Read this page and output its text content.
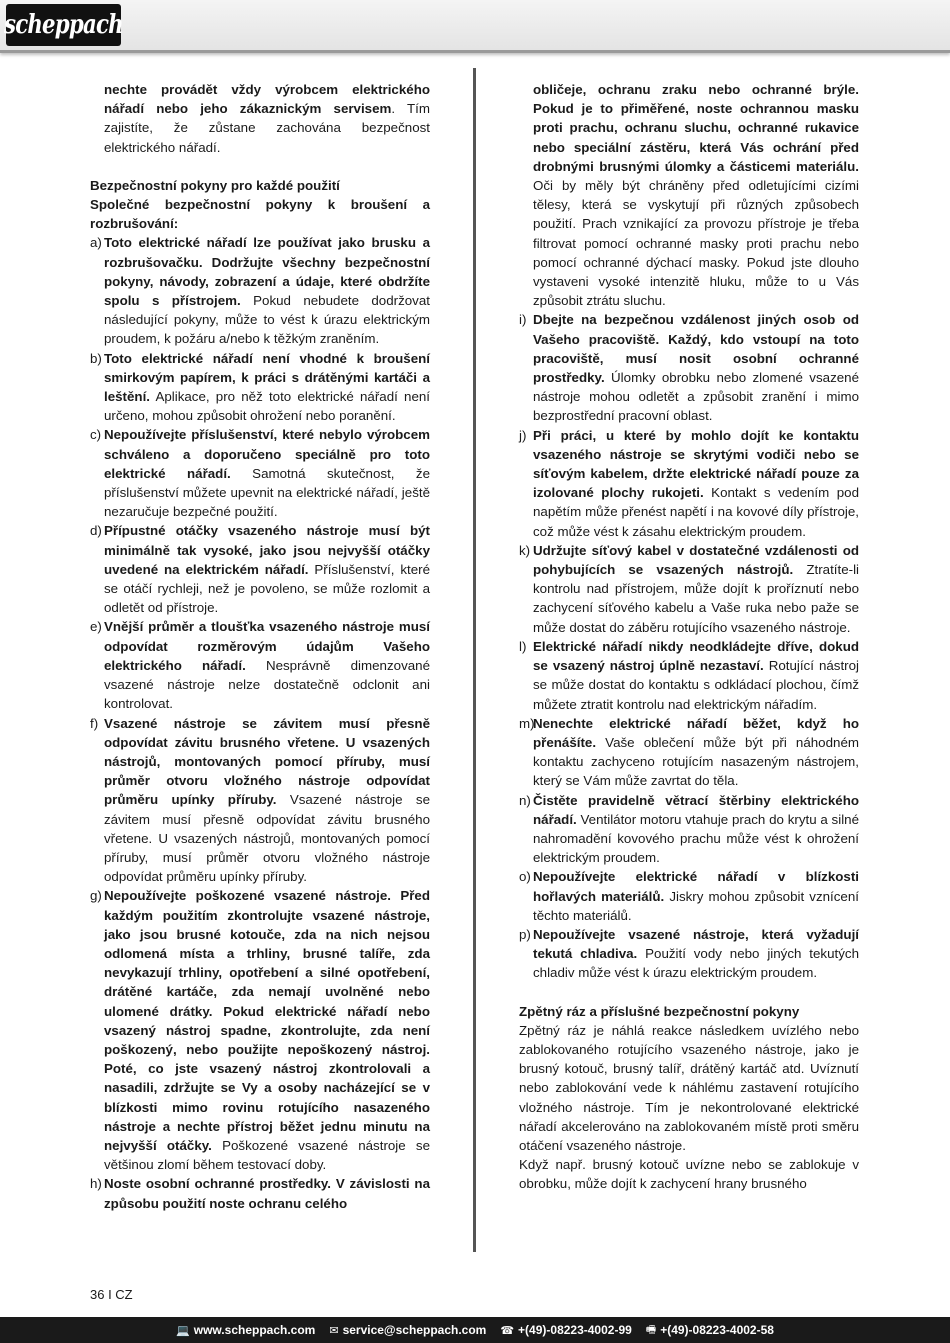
scheppach

nechte provádět vždy výrobcem elektrického nářadí nebo jeho zákaznickým servisem. Tím zajistíte, že zůstane zachována bezpečnost elektrického nářadí.

Bezpečnostní pokyny pro každé použití

Společné bezpečnostní pokyny k broušení a rozbrušování:

a) Toto elektrické nářadí lze používat jako brusku a rozbrušovačku. Dodržujte všechny bezpečnostní pokyny, návody, zobrazení a údaje, které obdržíte spolu s přístrojem. Pokud nebudete dodržovat následující pokyny, může to vést k úrazu elektrickým proudem, k požáru a/nebo k těžkým zraněním.
b) Toto elektrické nářadí není vhodné k broušení smirkovým papírem, k práci s drátěnými kartáči a leštění. Aplikace, pro něž toto elektrické nářadí není určeno, mohou způsobit ohrožení nebo poranění.
c) Nepoužívejte příslušenství, které nebylo výrobcem schváleno a doporučeno speciálně pro toto elektrické nářadí. Samotná skutečnost, že příslušenství můžete upevnit na elektrické nářadí, ještě nezaručuje bezpečné použití.
d) Přípustné otáčky vsazeného nástroje musí být minimálně tak vysoké, jako jsou nejvyšší otáčky uvedené na elektrickém nářadí. Příslušenství, které se otáčí rychleji, než je povoleno, se může rozlomit a odletět od přístroje.
e) Vnější průměr a tloušťka vsazeného nástroje musí odpovídat rozměrovým údajům Vašeho elektrického nářadí. Nesprávně dimenzované vsazené nástroje nelze dostatečně odclonit ani kontrolovat.
f) Vsazené nástroje se závitem musí přesně odpovídat závitu brusného vřetene. U vsazených nástrojů, montovaných pomocí příruby, musí průměr otvoru vložného nástroje odpovídat průměru upínky příruby. Vsazené nástroje se závitem musí přesně odpovídat závitu brusného vřetene. U vsazených nástrojů, montovaných pomocí příruby, musí průměr otvoru vložného nástroje odpovídat průměru upínky příruby.
g) Nepoužívejte poškozené vsazené nástroje. Před každým použitím zkontrolujte vsazené nástroje, jako jsou brusné kotouče, zda na nich nejsou odlomená místa a trhliny, brusné talíře, zda nevykazují trhliny, opotřebení a silné opotřebení, drátěné kartáče, zda nemají uvolněné nebo ulomené drátky. Pokud elektrické nářadí nebo vsazený nástroj spadne, zkontrolujte, zda není poškozený, nebo použijte nepoškozený nástroj. Poté, co jste vsazený nástroj zkontrolovali a nasadili, zdržujte se Vy a osoby nacházející se v blízkosti mimo rovinu rotujícího nasazeného nástroje a nechte přístroj běžet jednu minutu na nejvyšší otáčky. Poškozené vsazené nástroje se většinou zlomí během testovací doby.
h) Noste osobní ochranné prostředky. V závislosti na způsobu použití noste ochranu celého

obličeje, ochranu zraku nebo ochranné brýle. Pokud je to přiměřené, noste ochrannou masku proti prachu, ochranu sluchu, ochranné rukavice nebo speciální zástěru, která Vás ochrání před drobnými brusnými úlomky a částicemi materiálu. Oči by měly být chráněny před odletujícími cizími tělesy, která se vyskytují při různých způsobech použití. Prach vznikající za provozu přístroje je třeba filtrovat pomocí ochranné masky proti prachu nebo pomocí ochranné dýchací masky. Pokud jste dlouho vystaveni vysoké intenzitě hluku, může to u Vás způsobit ztrátu sluchu.

i) Dbejte na bezpečnou vzdálenost jiných osob od Vašeho pracoviště. Každý, kdo vstoupí na toto pracoviště, musí nosit osobní ochranné prostředky. Úlomky obrobku nebo zlomené vsazené nástroje mohou odletět a způsobit zranění i mimo bezprostřední pracovní oblast.
j) Při práci, u které by mohlo dojít ke kontaktu vsazeného nástroje se skrytými vodiči nebo se síťovým kabelem, držte elektrické nářadí pouze za izolované plochy rukojeti. Kontakt s vedením pod napětím může přenést napětí i na kovové díly přístroje, což může vést k zásahu elektrickým proudem.
k) Udržujte síťový kabel v dostatečné vzdálenosti od pohybujících se vsazených nástrojů. Ztratíte-li kontrolu nad přístrojem, může dojít k proříznutí nebo zachycení síťového kabelu a Vaše ruka nebo paže se může dostat do záběru rotujícího vsazeného nástroje.
l) Elektrické nářadí nikdy neodkládejte dříve, dokud se vsazený nástroj úplně nezastaví. Rotující nástroj se může dostat do kontaktu s odkládací plochou, čímž můžete ztratit kontrolu nad elektrickým nářadím.
m)
Nenechte elektrické nářadí běžet, když ho přenášíte. Vaše oblečení může být při náhodném kontaktu zachyceno rotujícím nasazeným nástrojem, který se Vám může zavrtat do těla.
n) Čistěte pravidelně větrací štěrbiny elektrického nářadí. Ventilátor motoru vtahuje prach do krytu a silné nahromadění kovového prachu může vést k ohrožení elektrickým proudem.
o) Nepoužívejte elektrické nářadí v blízkosti hořlavých materiálů. Jiskry mohou způsobit vznícení těchto materiálů.
p) Nepoužívejte vsazené nástroje, která vyžadují tekutá chladiva. Použití vody nebo jiných tekutých chladiv může vést k úrazu elektrickým proudem.

Zpětný ráz a příslušné bezpečnostní pokyny

Zpětný ráz je náhlá reakce následkem uvízlého nebo zablokovaného rotujícího vsazeného nástroje, jako je brusný kotouč, brusný talíř, drátěný kartáč atd. Uvíznutí nebo zablokování vede k náhlému zastavení rotujícího vložného nástroje. Tím je nekontrolované elektrické nářadí akcelerováno na zablokovaném místě proti směru otáčení vsazeného nástroje.

Když např. brusný kotouč uvízne nebo se zablokuje v obrobku, může dojít k zachycení hrany brusného

36 I CZ
💻 www.scheppach.com ✉ service@scheppach.com ☎ +(49)-08223-4002-99 🖷 +(49)-08223-4002-58
